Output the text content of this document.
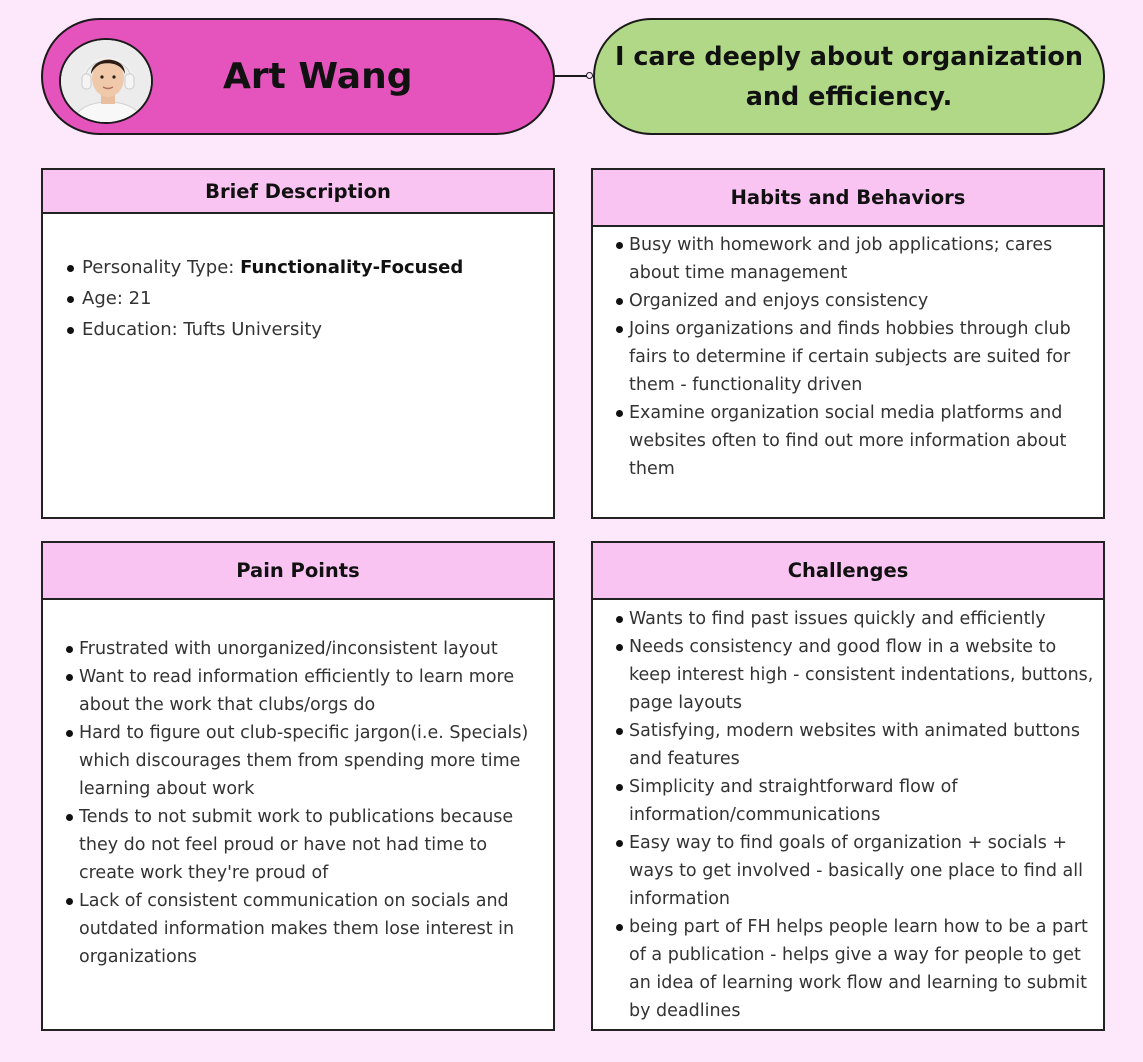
Art Wang	I care deeply about organization and efficiency.
Brief Description
Personality Type: Functionality-Focused
Age: 21
Education: Tufts University
Habits and Behaviors
Busy with homework and job applications; cares about time management
Organized and enjoys consistency
Joins organizations and finds hobbies through club fairs to determine if certain subjects are suited for them - functionality driven
Examine organization social media platforms and websites often to find out more information about them
Pain Points
Frustrated with unorganized/inconsistent layout
Want to read information efficiently to learn more about the work that clubs/orgs do
Hard to figure out club-specific jargon(i.e. Specials) which discourages them from spending more time learning about work
Tends to not submit work to publications because they do not feel proud or have not had time to create work they're proud of
Lack of consistent communication on socials and outdated information makes them lose interest in organizations
Challenges
Wants to find past issues quickly and efficiently
Needs consistency and good flow in a website to keep interest high - consistent indentations, buttons, page layouts
Satisfying, modern websites with animated buttons and features
Simplicity and straightforward flow of information/communications
Easy way to find goals of organization + socials + ways to get involved - basically one place to find all information
being part of FH helps people learn how to be a part of a publication - helps give a way for people to get an idea of learning work flow and learning to submit by deadlines
